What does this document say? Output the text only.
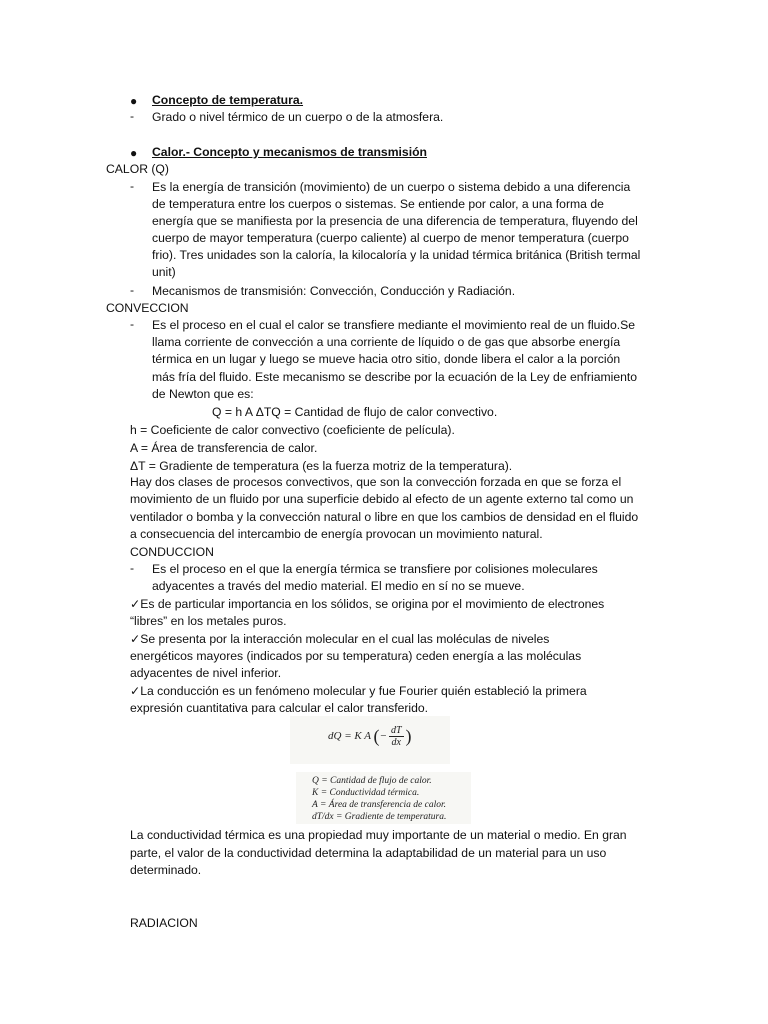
● Concepto de temperatura.
- Grado o nivel térmico de un cuerpo o de la atmosfera.
● Calor.- Concepto y mecanismos de transmisión
CALOR (Q)
- Es la energía de transición (movimiento) de un cuerpo o sistema debido a una diferencia
de temperatura entre los cuerpos o sistemas. Se entiende por calor, a una forma de
energía que se manifiesta por la presencia de una diferencia de temperatura, fluyendo del
cuerpo de mayor temperatura (cuerpo caliente) al cuerpo de menor temperatura (cuerpo
frio). Tres unidades son la caloría, la kilocaloría y la unidad térmica británica (British termal
unit)
- Mecanismos de transmisión: Convección, Conducción y Radiación.
CONVECCION
- Es el proceso en el cual el calor se transfiere mediante el movimiento real de un fluido.Se
llama corriente de convección a una corriente de líquido o de gas que absorbe energía
térmica en un lugar y luego se mueve hacia otro sitio, donde libera el calor a la porción
más fría del fluido. Este mecanismo se describe por la ecuación de la Ley de enfriamiento
de Newton que es:
Q = h A ΔTQ = Cantidad de flujo de calor convectivo.
h = Coeficiente de calor convectivo (coeficiente de película).
A = Área de transferencia de calor.
ΔT = Gradiente de temperatura (es la fuerza motriz de la temperatura).
Hay dos clases de procesos convectivos, que son la convección forzada en que se forza el
movimiento de un fluido por una superficie debido al efecto de un agente externo tal como un
ventilador o bomba y la convección natural o libre en que los cambios de densidad en el fluido
a consecuencia del intercambio de energía provocan un movimiento natural.
CONDUCCION
- Es el proceso en el que la energía térmica se transfiere por colisiones moleculares
adyacentes a través del medio material. El medio en sí no se mueve.
✓Es de particular importancia en los sólidos, se origina por el movimiento de electrones
“libres” en los metales puros.
✓Se presenta por la interacción molecular en el cual las moléculas de niveles
energéticos mayores (indicados por su temperatura) ceden energía a las moléculas
adyacentes de nivel inferior.
✓La conducción es un fenómeno molecular y fue Fourier quién estableció la primera
expresión cuantitativa para calcular el calor transferido.
dQ = K A (− $\frac{dT}{dx}$ )
Q = Cantidad de flujo de calor.
K = Conductividad térmica.
A = Área de transferencia de calor.
dT/dx = Gradiente de temperatura.
La conductividad térmica es una propiedad muy importante de un material o medio. En gran
parte, el valor de la conductividad determina la adaptabilidad de un material para un uso
determinado.
RADIACION
